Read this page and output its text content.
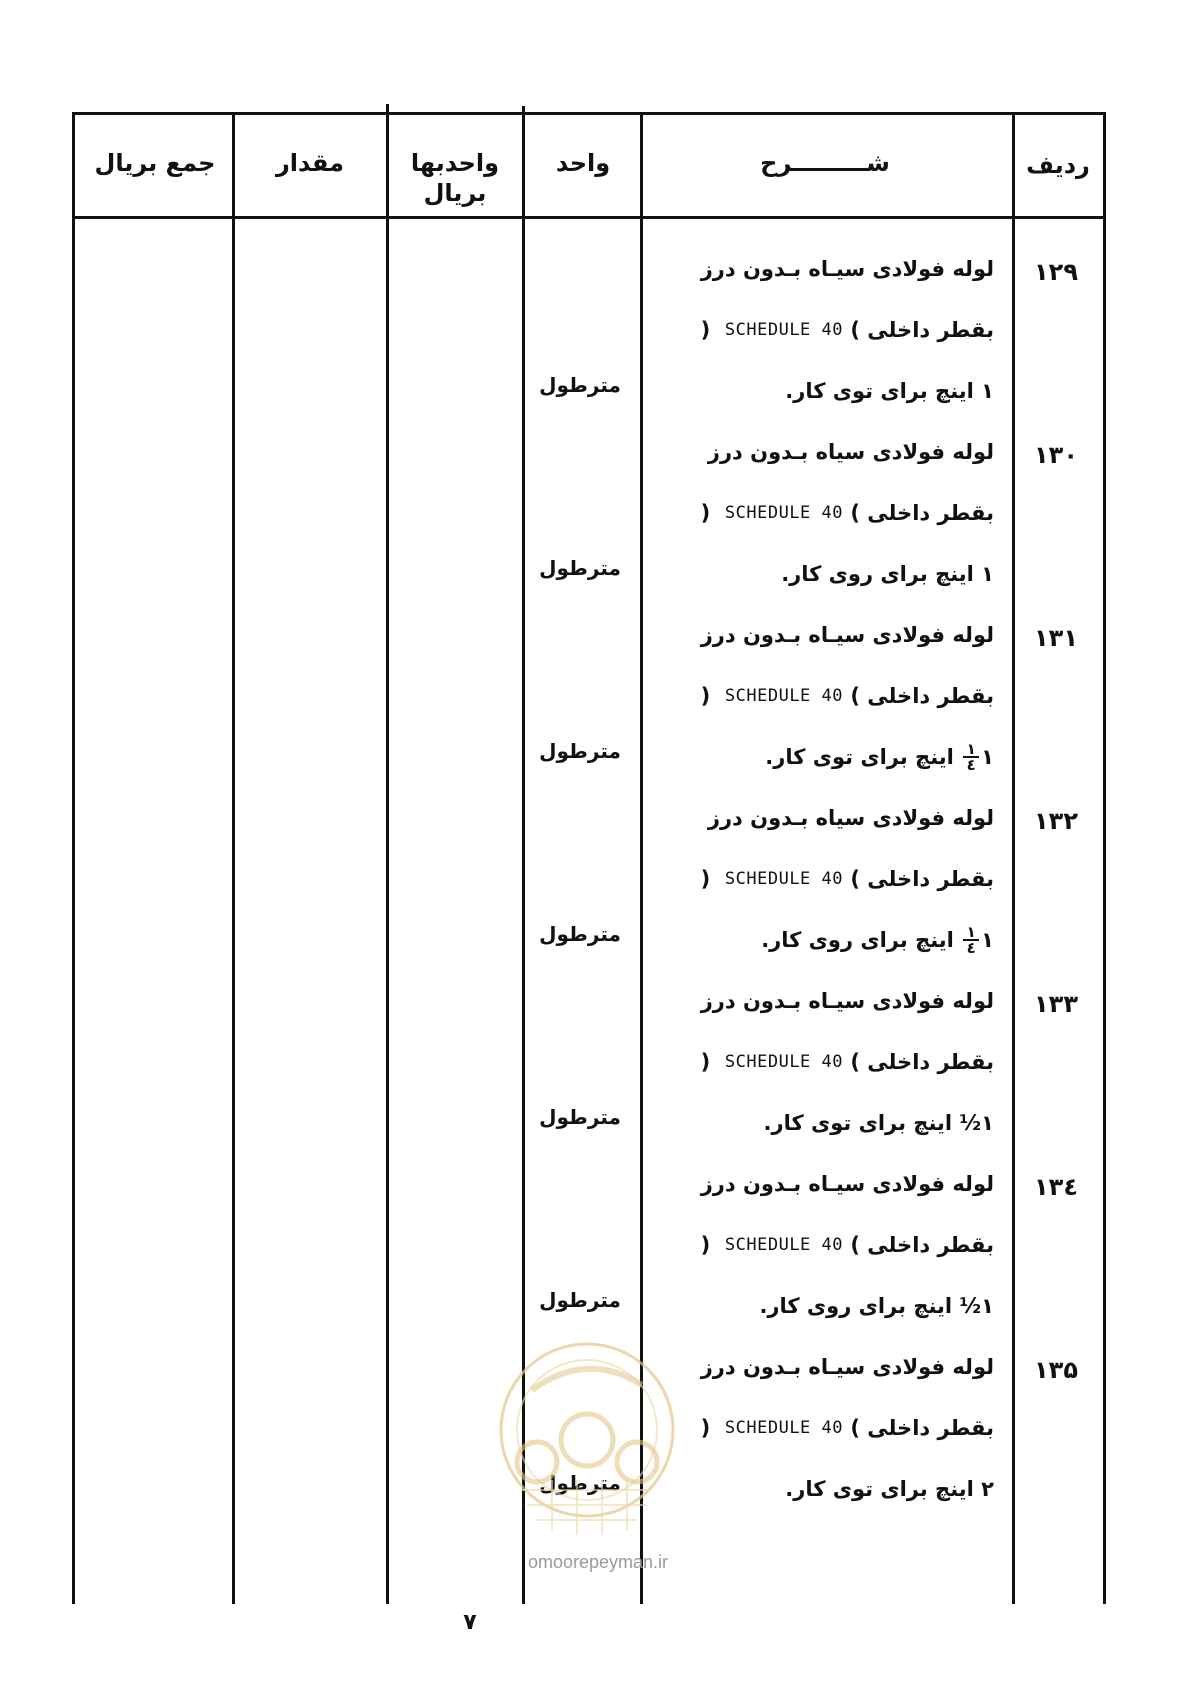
ردیف
شـــــــــرح
واحد
واحدبها بریال
مقدار
جمع بریال
۱۲۹
لوله فولادی سیـاه بـدون درز
بقطر داخلی

)

SCHEDULE 40

(
۱

اینچ برای توی کار.
مترطول
۱۳۰
لوله فولادی سیاه بـدون درز
بقطر داخلی

)

SCHEDULE 40

(
۱

اینچ برای روی کار.
مترطول
۱۳۱
لوله فولادی سیـاه بـدون درز
بقطر داخلی

)

SCHEDULE 40

(
۱
$\frac{۱}{٤}$

اینچ برای توی کار.
مترطول
۱۳۲
لوله فولادی سیاه بـدون درز
بقطر داخلی

)

SCHEDULE 40

(
۱
$\frac{۱}{٤}$

اینچ برای روی کار.
مترطول
۱۳۳
لوله فولادی سیـاه بـدون درز
بقطر داخلی

)

SCHEDULE 40

(
۱
½

اینچ برای توی کار.
مترطول
۱۳٤
لوله فولادی سیـاه بـدون درز
بقطر داخلی

)

SCHEDULE 40

(
۱
½

اینچ برای روی کار.
مترطول
۱۳۵
لوله فولادی سیـاه بـدون درز
بقطر داخلی

)

SCHEDULE 40

(
۲

اینچ برای توی کار.
مترطول
omoorepeyman.ir
۷
